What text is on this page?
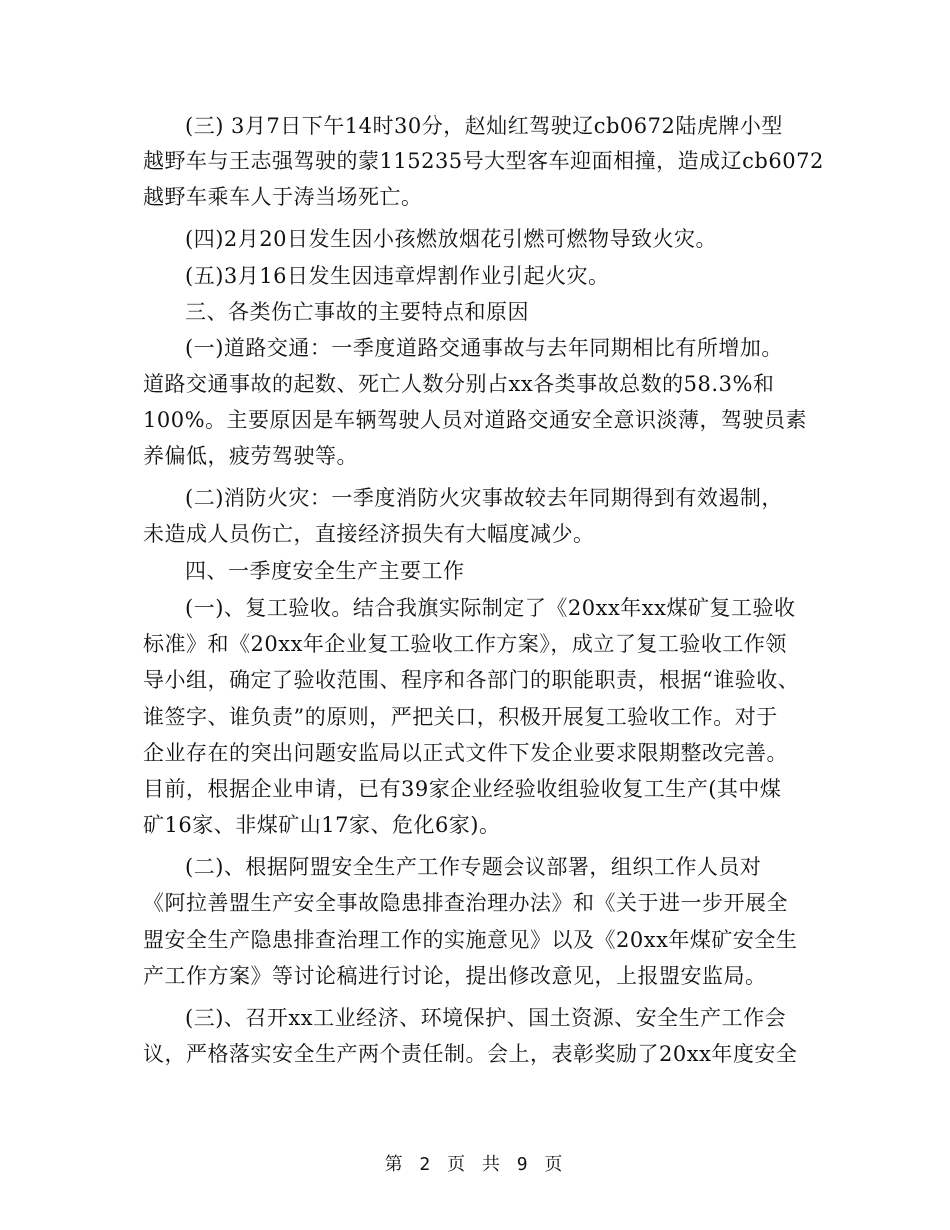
(三) 3月7日下午14时30分，赵灿红驾驶辽cb0672陆虎牌小型
越野车与王志强驾驶的蒙115235号大型客车迎面相撞，造成辽cb6072
越野车乘车人于涛当场死亡。
(四)2月20日发生因小孩燃放烟花引燃可燃物导致火灾。
(五)3月16日发生因违章焊割作业引起火灾。
三、各类伤亡事故的主要特点和原因
(一)道路交通：一季度道路交通事故与去年同期相比有所增加。
道路交通事故的起数、死亡人数分别占xx各类事故总数的58.3%和
100%。主要原因是车辆驾驶人员对道路交通安全意识淡薄，驾驶员素
养偏低，疲劳驾驶等。
(二)消防火灾：一季度消防火灾事故较去年同期得到有效遏制，
未造成人员伤亡，直接经济损失有大幅度减少。
四、一季度安全生产主要工作
(一)、复工验收。结合我旗实际制定了《20xx年xx煤矿复工验收
标准》和《20xx年企业复工验收工作方案》，成立了复工验收工作领
导小组，确定了验收范围、程序和各部门的职能职责，根据“谁验收、
谁签字、谁负责”的原则，严把关口，积极开展复工验收工作。对于
企业存在的突出问题安监局以正式文件下发企业要求限期整改完善。
目前，根据企业申请，已有39家企业经验收组验收复工生产(其中煤
矿16家、非煤矿山17家、危化6家)。
(二)、根据阿盟安全生产工作专题会议部署，组织工作人员对
《阿拉善盟生产安全事故隐患排查治理办法》和《关于进一步开展全
盟安全生产隐患排查治理工作的实施意见》以及《20xx年煤矿安全生
产工作方案》等讨论稿进行讨论，提出修改意见，上报盟安监局。
(三)、召开xx工业经济、环境保护、国土资源、安全生产工作会
议，严格落实安全生产两个责任制。会上，表彰奖励了20xx年度安全
第 2 页 共 9 页
